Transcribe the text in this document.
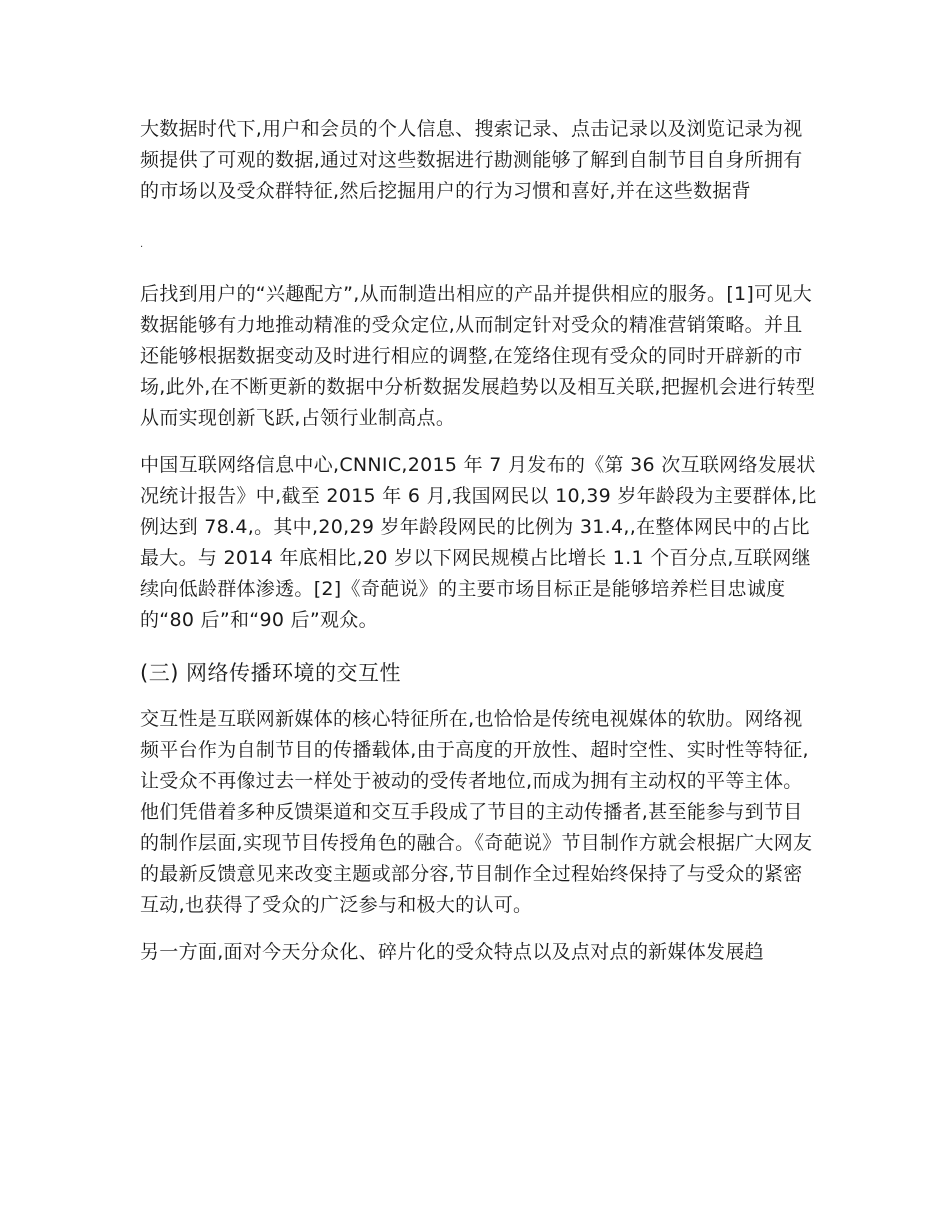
大数据时代下,用户和会员的个人信息、搜索记录、点击记录以及浏览记录为视频提供了可观的数据,通过对这些数据进行勘测能够了解到自制节目自身所拥有的市场以及受众群特征,然后挖掘用户的行为习惯和喜好,并在这些数据背

.

后找到用户的“兴趣配方”,从而制造出相应的产品并提供相应的服务。[1]可见大数据能够有力地推动精准的受众定位,从而制定针对受众的精准营销策略。并且还能够根据数据变动及时进行相应的调整,在笼络住现有受众的同时开辟新的市场,此外,在不断更新的数据中分析数据发展趋势以及相互关联,把握机会进行转型从而实现创新飞跃,占领行业制高点。

中国互联网络信息中心,CNNIC,2015 年 7 月发布的《第 36 次互联网络发展状况统计报告》中,截至 2015 年 6 月,我国网民以 10,39 岁年龄段为主要群体,比例达到 78.4,。其中,20,29 岁年龄段网民的比例为 31.4,,在整体网民中的占比最大。与 2014 年底相比,20 岁以下网民规模占比增长 1.1 个百分点,互联网继续向低龄群体渗透。[2]《奇葩说》的主要市场目标正是能够培养栏目忠诚度的“80 后”和“90 后”观众。

(三) 网络传播环境的交互性

交互性是互联网新媒体的核心特征所在,也恰恰是传统电视媒体的软肋。网络视频平台作为自制节目的传播载体,由于高度的开放性、超时空性、实时性等特征,让受众不再像过去一样处于被动的受传者地位,而成为拥有主动权的平等主体。他们凭借着多种反馈渠道和交互手段成了节目的主动传播者,甚至能参与到节目的制作层面,实现节目传授角色的融合。《奇葩说》节目制作方就会根据广大网友的最新反馈意见来改变主题或部分容,节目制作全过程始终保持了与受众的紧密互动,也获得了受众的广泛参与和极大的认可。

另一方面,面对今天分众化、碎片化的受众特点以及点对点的新媒体发展趋
